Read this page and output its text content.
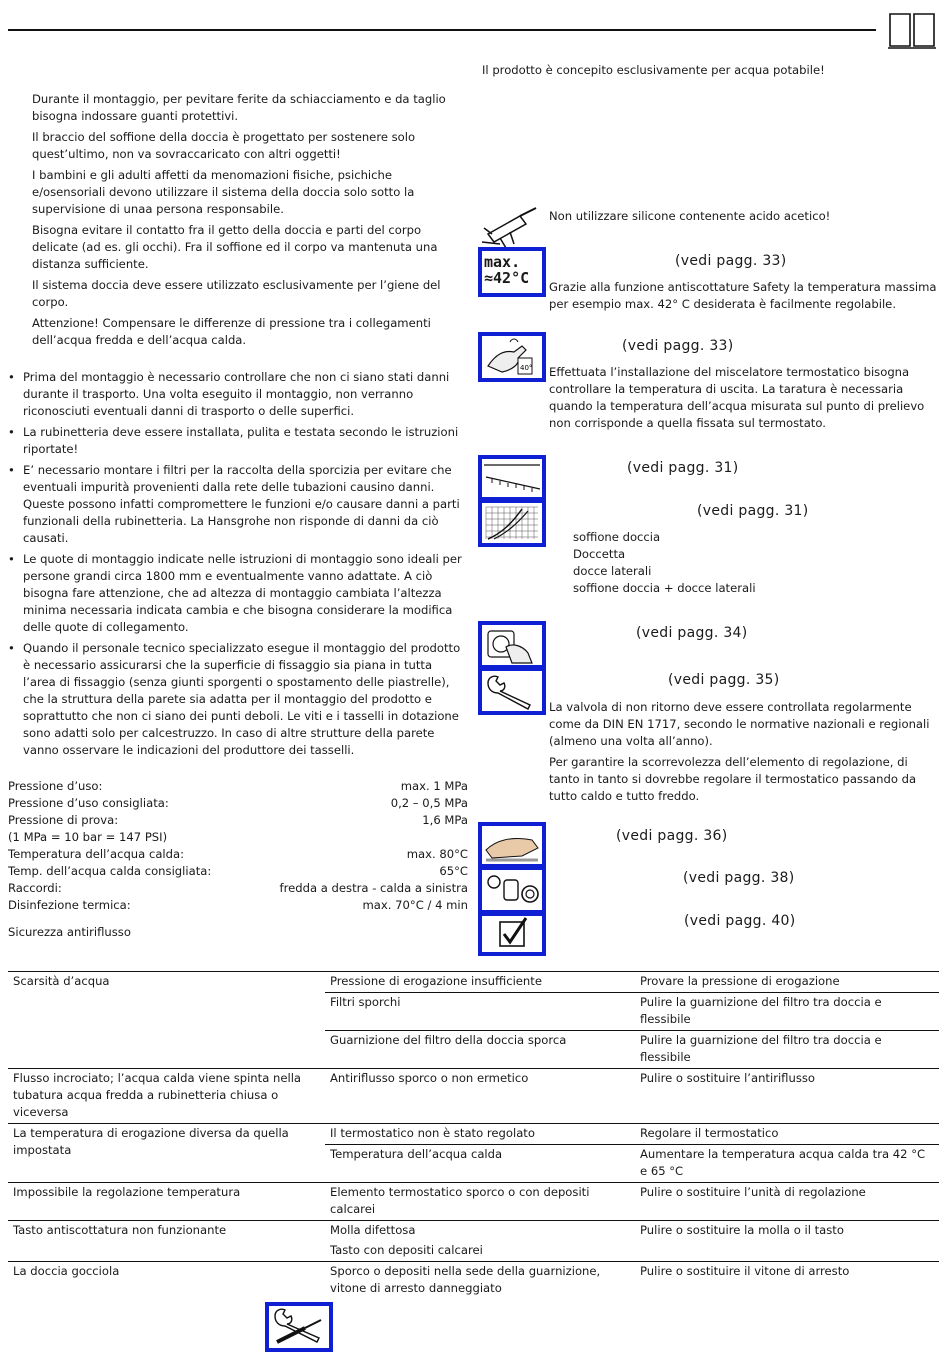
Il prodotto è concepito esclusivamente per acqua potabile!

Durante il montaggio, per pevitare ferite da schiacciamento e da taglio bisogna indossare guanti protettivi.

Il braccio del soffione della doccia è progettato per sostenere solo quest’ultimo, non va sovraccaricato con altri oggetti!

I bambini e gli adulti affetti da menomazioni fisiche, psichiche e/osensoriali devono utilizzare il sistema della doccia solo sotto la supervisione di unaa persona responsabile.

Bisogna evitare il contatto fra il getto della doccia e parti del corpo delicate (ad es. gli occhi). Fra il soffione ed il corpo va mantenuta una distanza sufficiente.

Il sistema doccia deve essere utilizzato esclusivamente per l’giene del corpo.

Attenzione! Compensare le differenze di pressione tra i collegamenti dell’acqua fredda e dell’acqua calda.

• Prima del montaggio è necessario controllare che non ci siano stati danni durante il trasporto. Una volta eseguito il montaggio, non verranno riconosciuti eventuali danni di trasporto o delle superfici.
• La rubinetteria deve essere installata, pulita e testata secondo le istruzioni riportate!
• E’ necessario montare i filtri per la raccolta della sporcizia per evitare che eventuali impurità provenienti dalla rete delle tubazioni causino danni. Queste possono infatti compromettere le funzioni e/o causare danni a parti funzionali della rubinetteria. La Hansgrohe non risponde di danni da ciò causati.
• Le quote di montaggio indicate nelle istruzioni di montaggio sono ideali per persone grandi circa 1800 mm e eventualmente vanno adattate. A ciò bisogna fare attenzione, che ad altezza di montaggio cambiata l’altezza minima necessaria indicata cambia e che bisogna considerare la modifica delle quote di collegamento.
• Quando il personale tecnico specializzato esegue il montaggio del prodotto è necessario assicurarsi che la superficie di fissaggio sia piana in tutta l’area di fissaggio (senza giunti sporgenti o spostamento delle piastrelle), che la struttura della parete sia adatta per il montaggio del prodotto e soprattutto che non ci siano dei punti deboli. Le viti e i tasselli in dotazione sono adatti solo per calcestruzzo. In caso di altre strutture della parete vanno osservare le indicazioni del produttore dei tasselli.
Pressione d’uso:	max. 1 MPa
Pressione d’uso consigliata:	0,2 – 0,5 MPa
Pressione di prova:	1,6 MPa
(1 MPa = 10 bar = 147 PSI)
Temperatura dell’acqua calda:	max. 80°C
Temp. dell’acqua calda consigliata:	65°C
Raccordi:	fredda a destra - calda a sinistra
Disinfezione termica:	max. 70°C / 4 min
Sicurezza antiriflusso
Non utilizzare silicone contenente acido acetico!
max.
≈42°C
(vedi pagg. 33)
Grazie alla funzione antiscottature Safety la temperatura massima per esempio max. 42° C desiderata è facilmente regolabile.
40°
(vedi pagg. 33)
Effettuata l’installazione del miscelatore termostatico bisogna controllare la temperatura di uscita. La taratura è necessaria quando la temperatura dell’acqua misurata sul punto di prelievo non corrisponde a quella fissata sul termostato.
(vedi pagg. 31)
(vedi pagg. 31)
soffione doccia
Doccetta
docce laterali
soffione doccia + docce laterali
(vedi pagg. 34)
(vedi pagg. 35)
La valvola di non ritorno deve essere controllata regolarmente come da DIN EN 1717, secondo le normative nazionali e regionali (almeno una volta all’anno).
Per garantire la scorrevolezza dell’elemento di regolazione, di tanto in tanto si dovrebbe regolare il termostatico passando da tutto caldo e tutto freddo.
(vedi pagg. 36)
(vedi pagg. 38)
(vedi pagg. 40)
Scarsità d’acqua	Pressione di erogazione insufficiente	Provare la pressione di erogazione
	Filtri sporchi	Pulire la guarnizione del filtro tra doccia e flessibile
	Guarnizione del filtro della doccia sporca	Pulire la guarnizione del filtro tra doccia e flessibile
Flusso incrociato; l’acqua calda viene spinta nella tubatura acqua fredda a rubinetteria chiusa o viceversa	Antiriflusso sporco o non ermetico	Pulire o sostituire l’antiriflusso
La temperatura di erogazione diversa da quella impostata	Il termostatico non è stato regolato	Regolare il termostatico
	Temperatura dell’acqua calda	Aumentare la temperatura acqua calda tra 42 °C e 65 °C
Impossibile la regolazione temperatura	Elemento termostatico sporco o con depositi calcarei	Pulire o sostituire l’unità di regolazione
Tasto antiscottatura non funzionante	Molla difettosa	Pulire o sostituire la molla o il tasto
	Tasto con depositi calcarei	
La doccia gocciola	Sporco o depositi nella sede della guarnizione, vitone di arresto danneggiato	Pulire o sostituire il vitone di arresto
